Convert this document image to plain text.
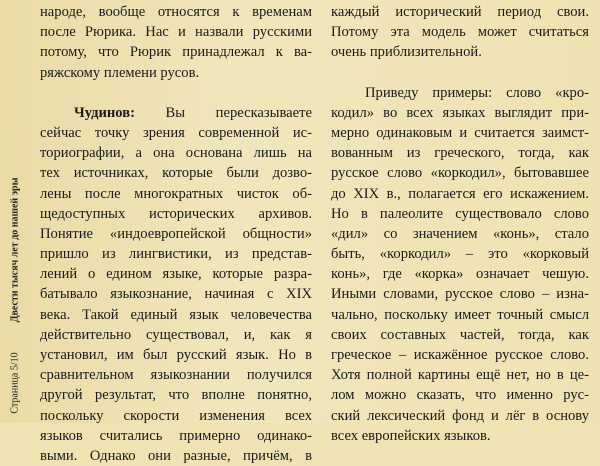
Двести тысяч лет до нашей эры
Страница 5/10
народе, вообще относятся к временам
после Рюрика. Нас и назвали русскими
потому, что Рюрик принадлежал к ва-
ряжскому племени русов.
Чудинов: Вы пересказываете
сейчас точку зрения современной ис-
ториографии, а она основана лишь на
тех источниках, которые были дозво-
лены после многократных чисток об-
щедоступных исторических архивов.
Понятие «индоевропейской общности»
пришло из лингвистики, из представ-
лений о едином языке, которые разра-
батывало языкознание, начиная с XIX
века. Такой единый язык человечества
действительно существовал, и, как я
установил, им был русский язык. Но в
сравнительном языкознании получился
другой результат, что вполне понятно,
поскольку скорости изменения всех
языков считались примерно одинако-
выми. Однако они разные, причём, в
каждый исторический период свои.
Потому эта модель может считаться
очень приблизительной.
Приведу примеры: слово «кро-
кодил» во всех языках выглядит при-
мерно одинаковым и считается заимст-
вованным из греческого, тогда, как
русское слово «коркодил», бытовавшее
до XIX в., полагается его искажением.
Но в палеолите существовало слово
«дил» со значением «конь», стало
быть, «коркодил» – это «корковый
конь», где «корка» означает чешую.
Иными словами, русское слово – изна-
чально, поскольку имеет точный смысл
своих составных частей, тогда, как
греческое – искажённое русское слово.
Хотя полной картины ещё нет, но в це-
лом можно сказать, что именно рус-
ский лексический фонд и лёг в основу
всех европейских языков.
